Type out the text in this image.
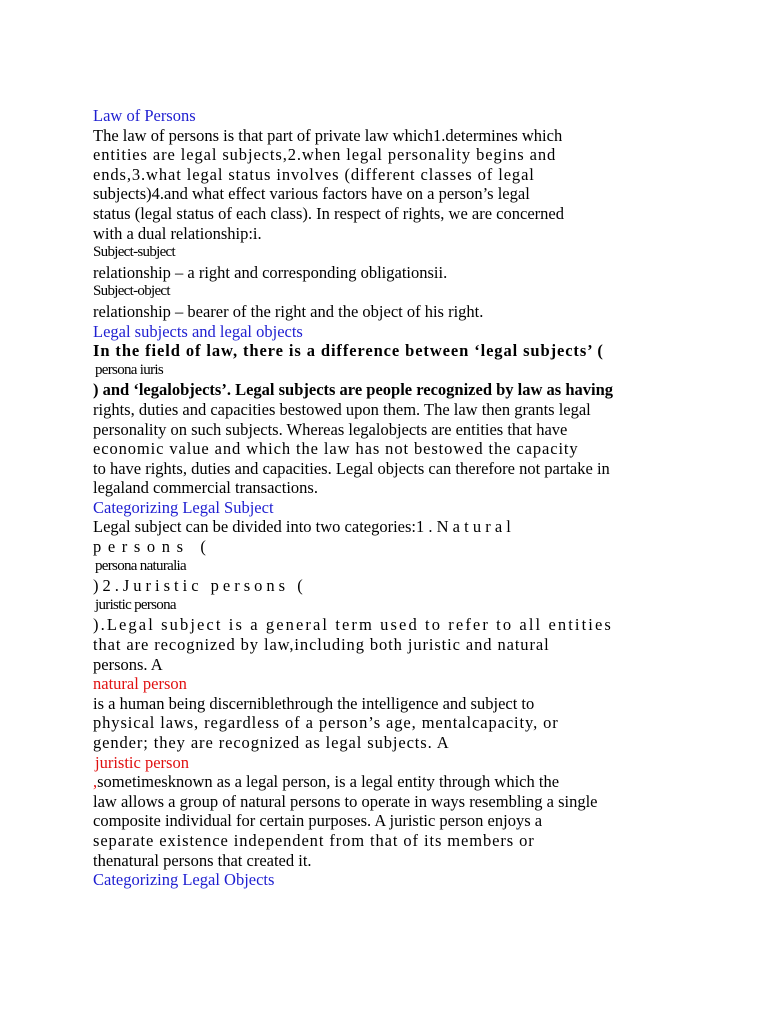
Law of Persons
The law of persons is that part of private law which1.determines which
entities are legal subjects,2.when legal personality begins and
ends,3.what legal status involves (different classes of legal
subjects)4.and what effect various factors have on a person’s legal
status (legal status of each class). In respect of rights, we are concerned
with a dual relationship:i.
Subject-subject
relationship – a right and corresponding obligationsii.
Subject-object
relationship – bearer of the right and the object of his right.
Legal subjects and legal objects
In the field of law, there is a difference between ‘legal subjects’ (
persona iuris
) and ‘legalobjects’. Legal subjects are people recognized by law as having
rights, duties and capacities bestowed upon them. The law then grants legal
personality on such subjects. Whereas legalobjects are entities that have
economic value and which the law has not bestowed the capacity
to have rights, duties and capacities. Legal objects can therefore not partake in
legaland commercial transactions.
Categorizing Legal Subject
Legal subject can be divided into two categories:1 . N a t u r a l
persons (
persona naturalia
)2.Juristic persons (
juristic persona
).Legal subject is a general term used to refer to all entities
that are recognized by law,including both juristic and natural
persons. A
natural person
is a human being discerniblethrough the intelligence and subject to
physical laws, regardless of a person’s age, mentalcapacity, or
gender; they are recognized as legal subjects. A
juristic person
,sometimesknown as a legal person, is a legal entity through which the
law allows a group of natural persons to operate in ways resembling a single
composite individual for certain purposes. A juristic person enjoys a
separate existence independent from that of its members or
thenatural persons that created it.
Categorizing Legal Objects
